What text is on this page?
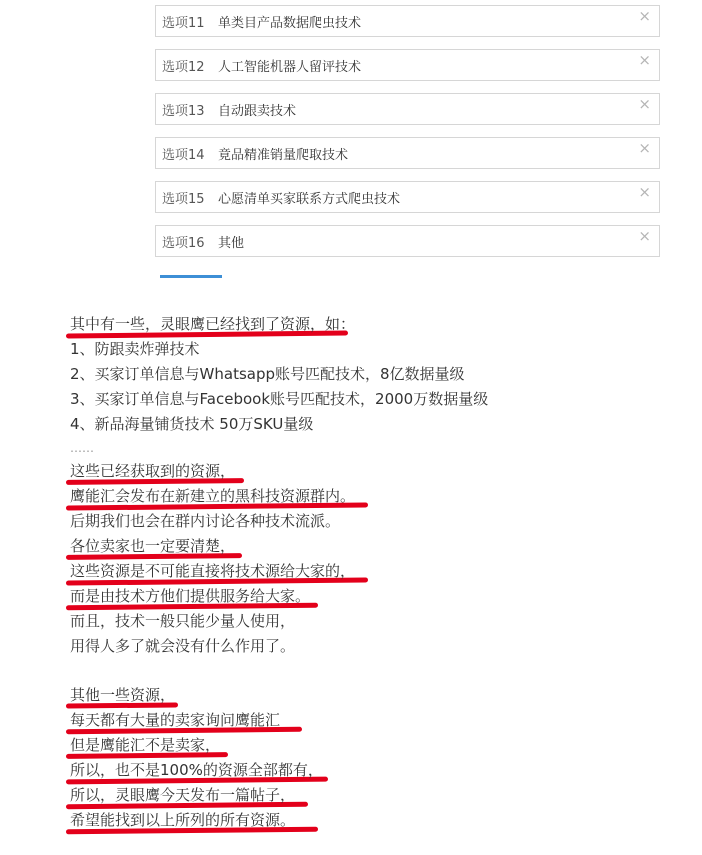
选项11	单类目产品数据爬虫技术	×
选项12	人工智能机器人留评技术	×
选项13	自动跟卖技术	×
选项14	竟品精准销量爬取技术	×
选项15	心愿清单买家联系方式爬虫技术	×
选项16	其他	×
其中有一些，灵眼鹰已经找到了资源，如：
1、防跟卖炸弹技术
2、买家订单信息与Whatsapp账号匹配技术，8亿数据量级
3、买家订单信息与Facebook账号匹配技术，2000万数据量级
4、新品海量铺货技术 50万SKU量级
……
这些已经获取到的资源，
鹰能汇会发布在新建立的黑科技资源群内。
后期我们也会在群内讨论各种技术流派。
各位卖家也一定要清楚，
这些资源是不可能直接将技术源给大家的，
而是由技术方他们提供服务给大家。
而且，技术一般只能少量人使用，
用得人多了就会没有什么作用了。
其他一些资源，
每天都有大量的卖家询问鹰能汇
但是鹰能汇不是卖家，
所以，也不是100%的资源全部都有，
所以，灵眼鹰今天发布一篇帖子，
希望能找到以上所列的所有资源。
